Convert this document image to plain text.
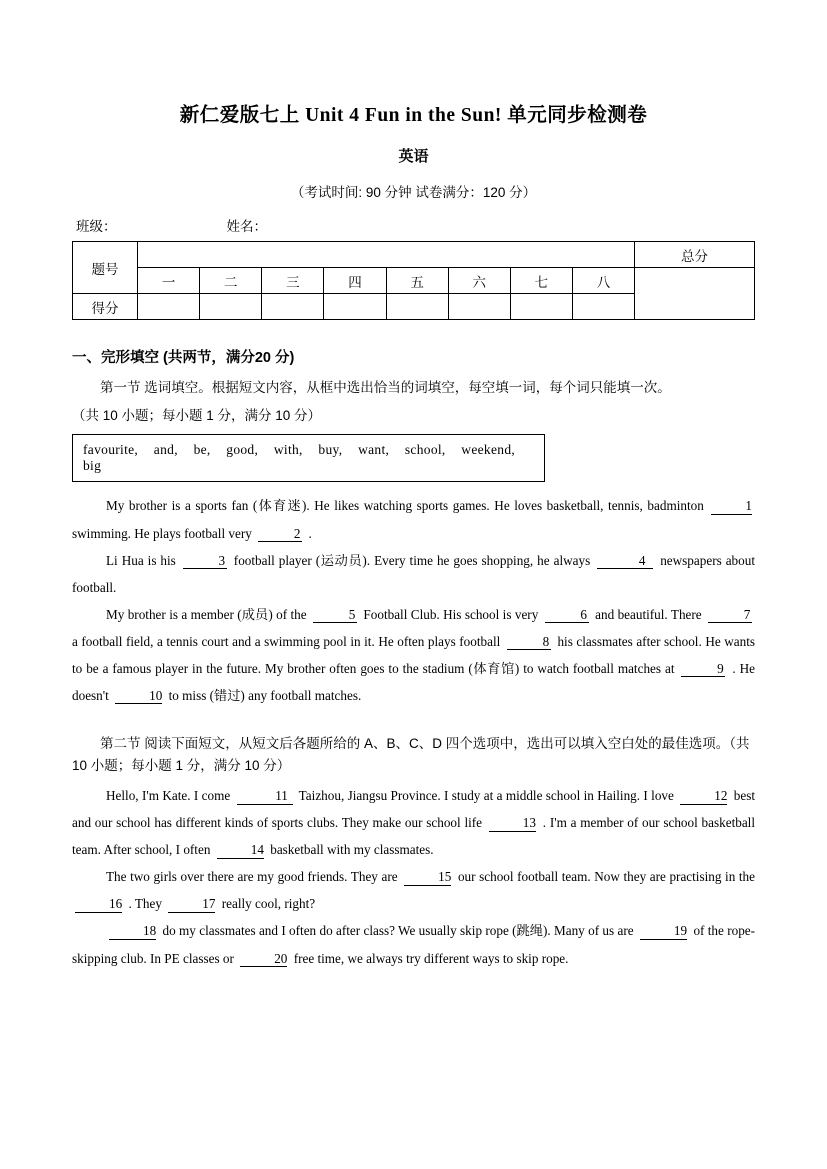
新仁爱版七上 Unit 4 Fun in the Sun! 单元同步检测卷
英语
（考试时间: 90 分钟 试卷满分：120 分）
班级：	姓名：
题号									总分
	一	二	三	四	五	六	七	八	
得分									
一、完形填空 (共两节，满分20 分)
第一节 选词填空。根据短文内容，从框中选出恰当的词填空，每空填一词，每个词只能填一次。
（共 10 小题；每小题 1 分，满分 10 分）
favourite, and, be, good, with, buy, want, school, weekend, big

My brother is a sports fan (体育迷). He likes watching sports games. He loves basketball, tennis, badminton	1 swimming. He plays football very	2 .

Li Hua is his	3 football player (运动员). Every time he goes shopping, he always	4 newspapers about football.

My brother is a member (成员) of the	5 Football Club. His school is very	6 and beautiful. There	7 a football field, a tennis court and a swimming pool in it. He often plays football	8 his classmates after school. He wants to be a famous player in the future. My brother often goes to the stadium (体育馆) to watch football matches at	9 . He doesn't	10 to miss (错过) any football matches.

第二节 阅读下面短文，从短文后各题所给的 A、B、C、D 四个选项中，选出可以填入空白处的最佳选项。（共 10 小题；每小题 1 分，满分 10 分）

Hello, I'm Kate. I come	11 Taizhou, Jiangsu Province. I study at a middle school in Hailing. I love	12 best and our school has different kinds of sports clubs. They make our school life	13 . I'm a member of our school basketball team. After school, I often	14 basketball with my classmates.

The two girls over there are my good friends. They are	15 our school football team. Now they are practising in the 16 . They	17 really cool, right?

18 do my classmates and I often do after class? We usually skip rope (跳绳). Many of us are	19 of the rope-skipping club. In PE classes or	20 free time, we always try different ways to skip rope.
